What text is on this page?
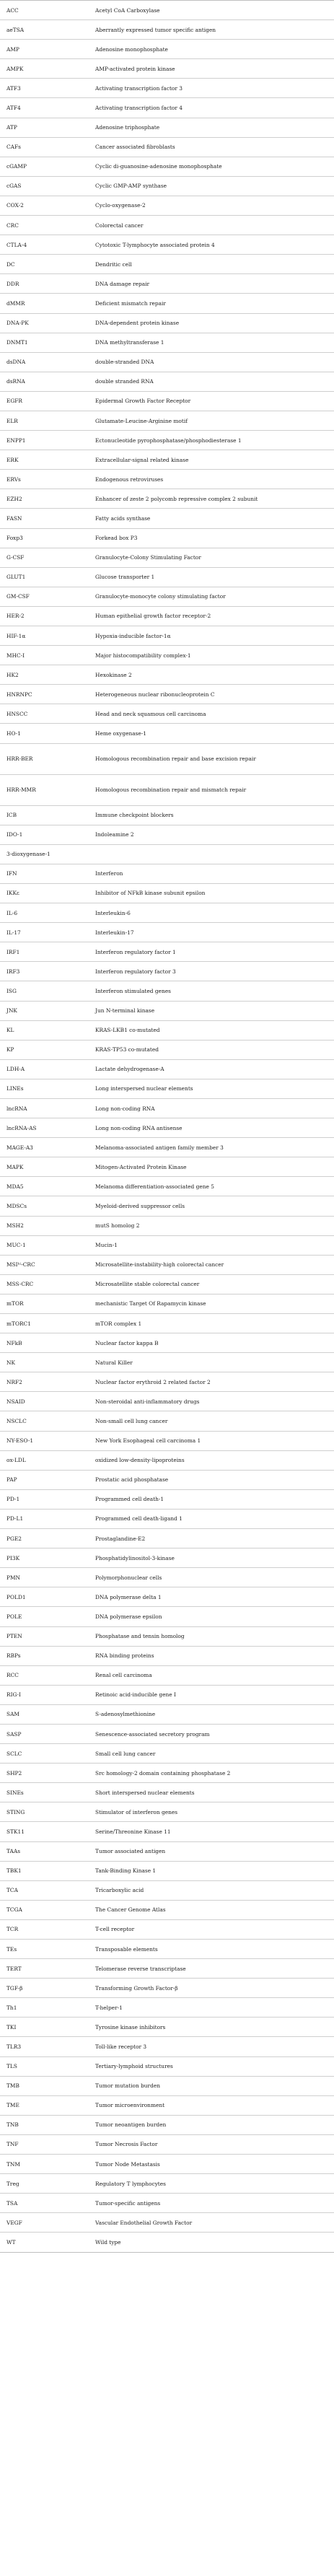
ACC	Acetyl CoA Carboxylase
aeTSA	Aberrantly expressed tumor specific antigen
AMP	Adenosine monophosphate
AMPK	AMP-activated protein kinase
ATF3	Activating transcription factor 3
ATF4	Activating transcription factor 4
ATP	Adenosine triphosphate
CAFs	Cancer associated fibroblasts
cGAMP	Cyclic di-guanosine-adenosine monophosphate
cGAS	Cyclic GMP-AMP synthase
COX-2	Cyclo-oxygenase-2
CRC	Colorectal cancer
CTLA-4	Cytotoxic T-lymphocyte associated protein 4
DC	Dendritic cell
DDR	DNA damage repair
dMMR	Deficient mismatch repair
DNA-PK	DNA-dependent protein kinase
DNMT1	DNA methyltransferase 1
dsDNA	double-stranded DNA
dsRNA	double stranded RNA
EGFR	Epidermal Growth Factor Receptor
ELR	Glutamate-Leucine-Arginine motif
ENPP1	Ectonucleotide pyrophosphatase/phosphodiesterase 1
ERK	Extracellular-signal related kinase
ERVs	Endogenous retroviruses
EZH2	Enhancer of zeste 2 polycomb repressive complex 2 subunit
FASN	Fatty acids synthase
Foxp3	Forkead box P3
G-CSF	Granulocyte-Colony Stimulating Factor
GLUT1	Glucose transporter 1
GM-CSF	Granulocyte-monocyte colony stimulating factor
HER-2	Human epithelial growth factor receptor-2
HIF-1α	Hypoxia-inducible factor-1α
MHC-I	Major histocompatibility complex-1
HK2	Hexokinase 2
HNRNPC	Heterogeneous nuclear ribonucleoprotein C
HNSCC	Head and neck squamous cell carcinoma
HO-1	Heme oxygenase-1
HRR-BER	Homologous recombination repair and base excision repair
HRR-MMR	Homologous recombination repair and mismatch repair
ICB	Immune checkpoint blockers
IDO-1	Indoleamine 2
3-dioxygenase-1	
IFN	Interferon
IKKε	Inhibitor of NFkB kinase subunit epsilon
IL-6	Interleukin-6
IL-17	Interleukin-17
IRF1	Interferon regulatory factor 1
IRF3	Interferon regulatory factor 3
ISG	Interferon stimulated genes
JNK	Jun N-terminal kinase
KL	KRAS-LKB1 co-mutated
KP	KRAS-TP53 co-mutated
LDH-A	Lactate dehydrogenase-A
LINEs	Long interspersed nuclear elements
lncRNA	Long non-coding RNA
lncRNA-AS	Long non-coding RNA antisense
MAGE-A3	Melanoma-associated antigen family member 3
MAPK	Mitogen-Activated Protein Kinase
MDA5	Melanoma differentiation-associated gene 5
MDSCs	Myeloid-derived suppressor cells
MSH2	mutS homolog 2
MUC-1	Mucin-1
MSIʰⁱ-CRC	Microsatellite-instability-high colorectal cancer
MSS-CRC	Microsatellite stable colorectal cancer
mTOR	mechanistic Target Of Rapamycin kinase
mTORC1	mTOR complex 1
NFkB	Nuclear factor kappa B
NK	Natural Killer
NRF2	Nuclear factor erythroid 2 related factor 2
NSAID	Non-steroidal anti-inflammatory drugs
NSCLC	Non-small cell lung cancer
NY-ESO-1	New York Esophageal cell carcinoma 1
ox-LDL	oxidized low-density-lipoproteins
PAP	Prostatic acid phosphatase
PD-1	Programmed cell death-1
PD-L1	Programmed cell death-ligand 1
PGE2	Prostaglandine-E2
PI3K	Phosphatidylinositol-3-kinase
PMN	Polymorphonuclear cells
POLD1	DNA polymerase delta 1
POLE	DNA polymerase epsilon
PTEN	Phosphatase and tensin homolog
RBPs	RNA binding proteins
RCC	Renal cell carcinoma
RIG-I	Retinoic acid-inducible gene I
SAM	S-adenosylmethionine
SASP	Senescence-associated secretory program
SCLC	Small cell lung cancer
SHP2	Src homology-2 domain containing phosphatase 2
SINEs	Short interspersed nuclear elements
STING	Stimulator of interferon genes
STK11	Serine/Threonine Kinase 11
TAAs	Tumor associated antigen
TBK1	Tank-Binding Kinase 1
TCA	Tricarboxylic acid
TCGA	The Cancer Genome Atlas
TCR	T-cell receptor
TEs	Transposable elements
TERT	Telomerase reverse transcriptase
TGF-β	Transforming Growth Factor-β
Th1	T-helper-1
TKI	Tyrosine kinase inhibitors
TLR3	Toll-like receptor 3
TLS	Tertiary-lymphoid structures
TMB	Tumor mutation burden
TME	Tumor microenvironment
TNB	Tumor neoantigen burden
TNF	Tumor Necrosis Factor
TNM	Tumor Node Metastasis
Treg	Regulatory T lymphocytes
TSA	Tumor-specific antigens
VEGF	Vascular Endothelial Growth Factor
WT	Wild type
